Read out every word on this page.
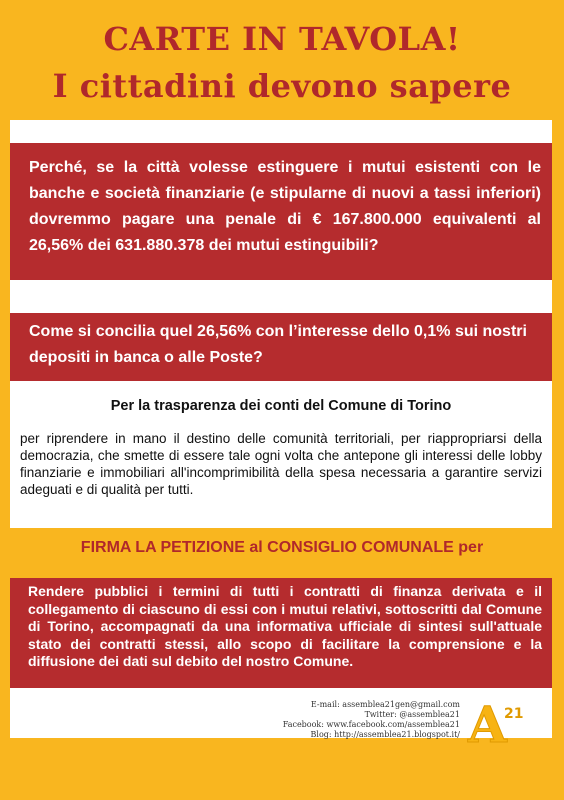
CARTE IN TAVOLA!
I cittadini devono sapere
Perché, se la città volesse estinguere i mutui esistenti con le banche e società finanziarie (e stipularne di nuovi a tassi inferiori) dovremmo pagare una penale di € 167.800.000 equivalenti al 26,56% dei 631.880.378 dei mutui estinguibili?
Come si concilia quel 26,56% con l’interesse dello 0,1% sui nostri depositi in banca o alle Poste?
Per la trasparenza dei conti del Comune di Torino
per riprendere in mano il destino delle comunità territoriali, per riappropriarsi della democrazia, che smette di essere tale ogni volta che antepone gli interessi delle lobby finanziarie e immobiliari all'incomprimibilità della spesa necessaria a garantire servizi adeguati e di qualità per tutti.
FIRMA LA PETIZIONE al CONSIGLIO COMUNALE per
Rendere pubblici i termini di tutti i contratti di finanza derivata e il collegamento di ciascuno di essi con i mutui relativi, sottoscritti dal Comune di Torino, accompagnati da una informativa ufficiale di sintesi sull'attuale stato dei contratti stessi, allo scopo di facilitare la comprensione e la diffusione dei dati sul debito del nostro Comune.
E-mail: assemblea21gen@gmail.com
Twitter: @assemblea21
Facebook: www.facebook.com/assemblea21
Blog: http://assemblea21.blogspot.it/ A
21
